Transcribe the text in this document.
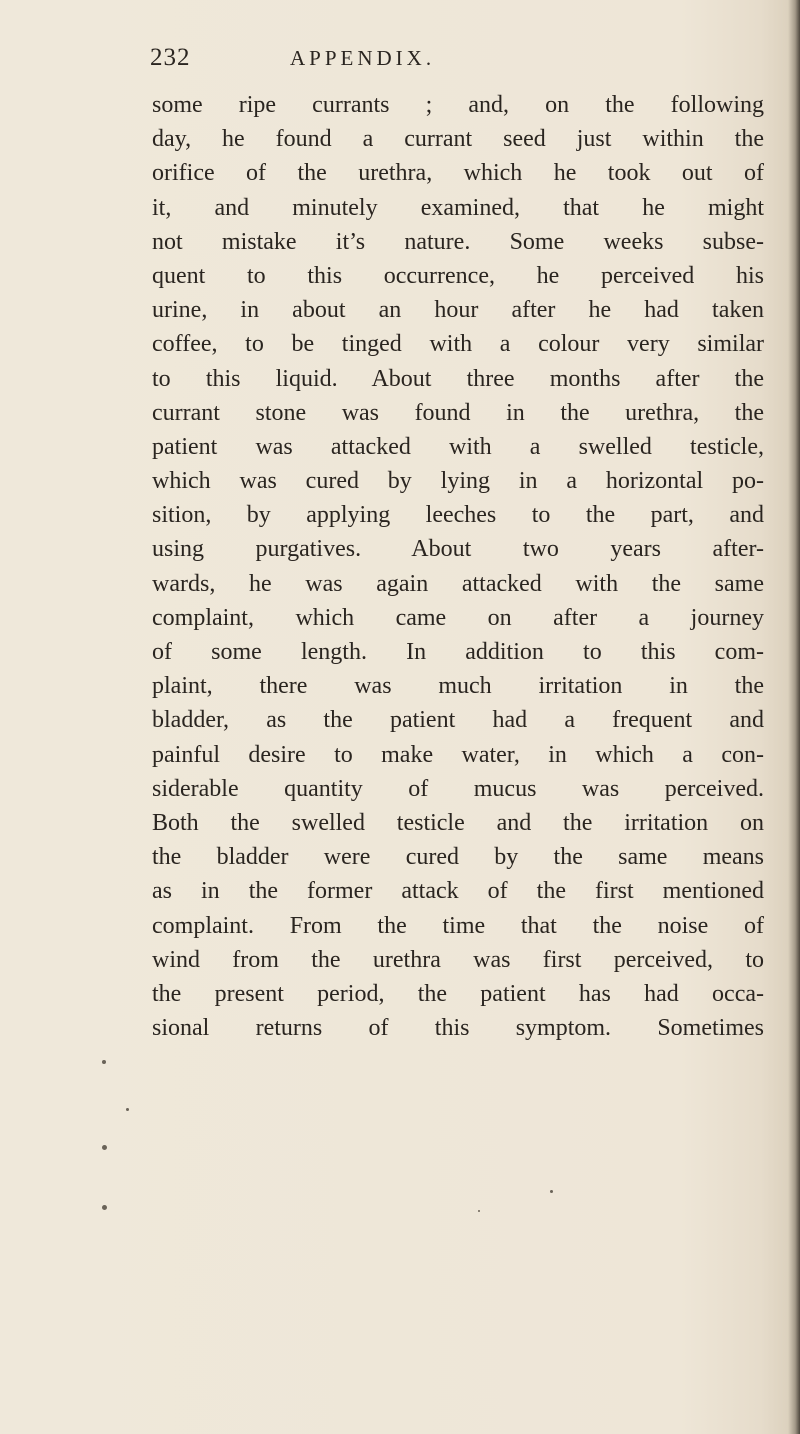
232	APPENDIX.
some ripe currants ; and, on the following
day, he found a currant seed just within the
orifice of the urethra, which he took out of
it, and minutely examined, that he might
not mistake it’s nature. Some weeks subse-
quent to this occurrence, he perceived his
urine, in about an hour after he had taken
coffee, to be tinged with a colour very similar
to this liquid. About three months after the
currant stone was found in the urethra, the
patient was attacked with a swelled testicle,
which was cured by lying in a horizontal po-
sition, by applying leeches to the part, and
using purgatives. About two years after-
wards, he was again attacked with the same
complaint, which came on after a journey
of some length. In addition to this com-
plaint, there was much irritation in the
bladder, as the patient had a frequent and
painful desire to make water, in which a con-
siderable quantity of mucus was perceived.
Both the swelled testicle and the irritation on
the bladder were cured by the same means
as in the former attack of the first mentioned
complaint. From the time that the noise of
wind from the urethra was first perceived, to
the present period, the patient has had occa-
sional returns of this symptom. Sometimes
